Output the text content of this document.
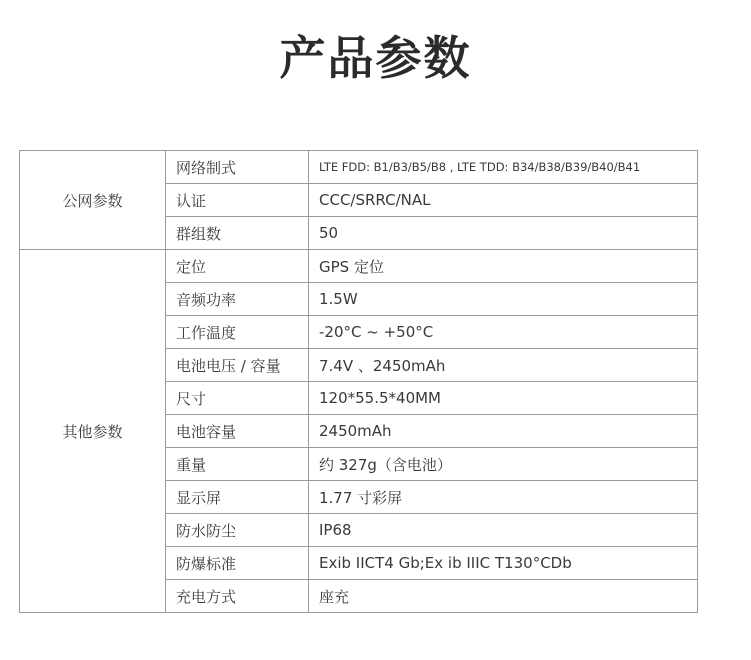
产品参数
公网参数	网络制式	LTE FDD: B1/B3/B5/B8 , LTE TDD: B34/B38/B39/B40/B41
	认证	CCC/SRRC/NAL
	群组数	50
其他参数	定位	GPS 定位
	音频功率	1.5W
	工作温度	-20°C ~ +50°C
	电池电压 / 容量	7.4V 、2450mAh
	尺寸	120*55.5*40MM
	电池容量	2450mAh
	重量	约 327g（含电池）
	显示屏	1.77 寸彩屏
	防水防尘	IP68
	防爆标准	Exib IICT4 Gb;Ex ib IIIC T130°CDb
	充电方式	座充
